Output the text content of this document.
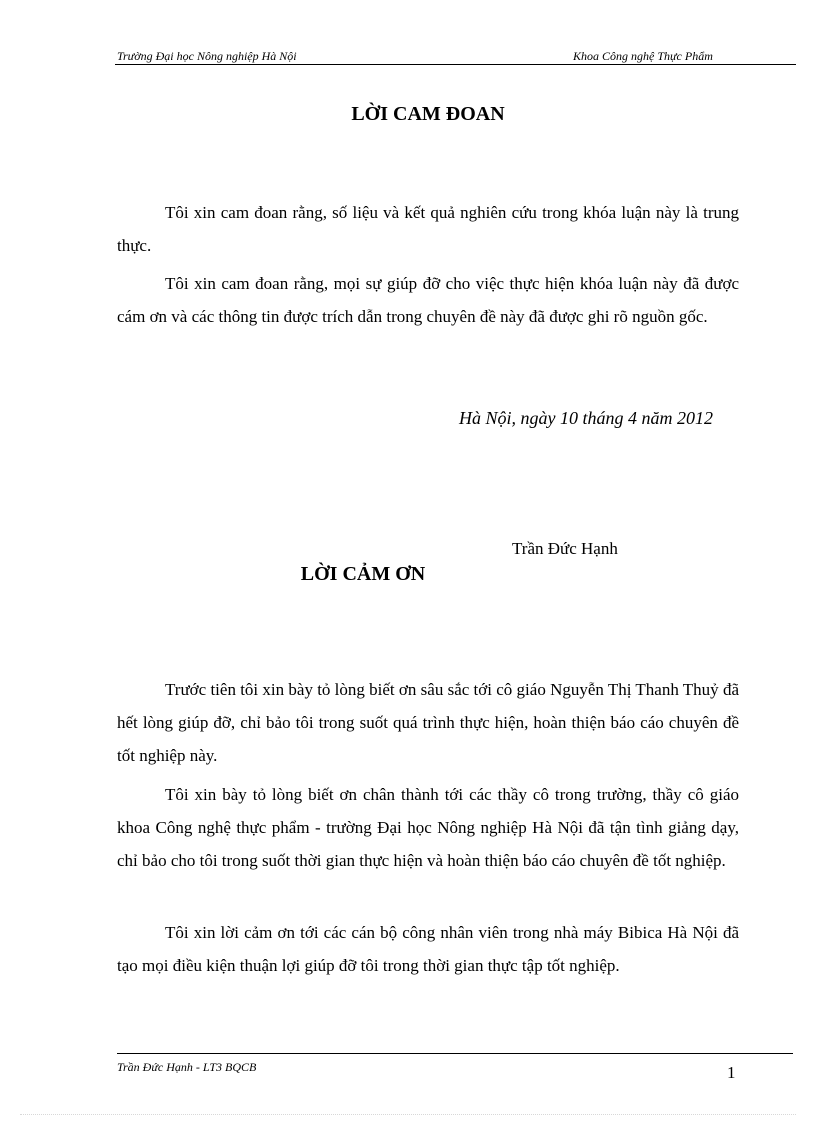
Trường Đại học Nông nghiệp Hà Nội	Khoa Công nghệ Thực Phẩm
LỜI CAM ĐOAN

Tôi xin cam đoan rằng, số liệu và kết quả nghiên cứu trong khóa luận này là trung thực.

Tôi xin cam đoan rằng, mọi sự giúp đỡ cho việc thực hiện khóa luận này đã được cám ơn và các thông tin được trích dẫn trong chuyên đề này đã được ghi rõ nguồn gốc.

Hà Nội, ngày 10 tháng 4 năm 2012
Trần Đức Hạnh
LỜI CẢM ƠN

Trước tiên tôi xin bày tỏ lòng biết ơn sâu sắc tới cô giáo Nguyễn Thị Thanh Thuỷ đã hết lòng giúp đỡ, chỉ bảo tôi trong suốt quá trình thực hiện, hoàn thiện báo cáo chuyên đề tốt nghiệp này.

Tôi xin bày tỏ lòng biết ơn chân thành tới các thầy cô trong trường, thầy cô giáo khoa Công nghệ thực phẩm - trường Đại học Nông nghiệp Hà Nội đã tận tình giảng dạy, chỉ bảo cho tôi trong suốt thời gian thực hiện và hoàn thiện báo cáo chuyên đề tốt nghiệp.

Tôi xin lời cảm ơn tới các cán bộ công nhân viên trong nhà máy Bibica Hà Nội đã tạo mọi điều kiện thuận lợi giúp đỡ tôi trong thời gian thực tập tốt nghiệp.

Trần Đức Hạnh - LT3 BQCB	1
